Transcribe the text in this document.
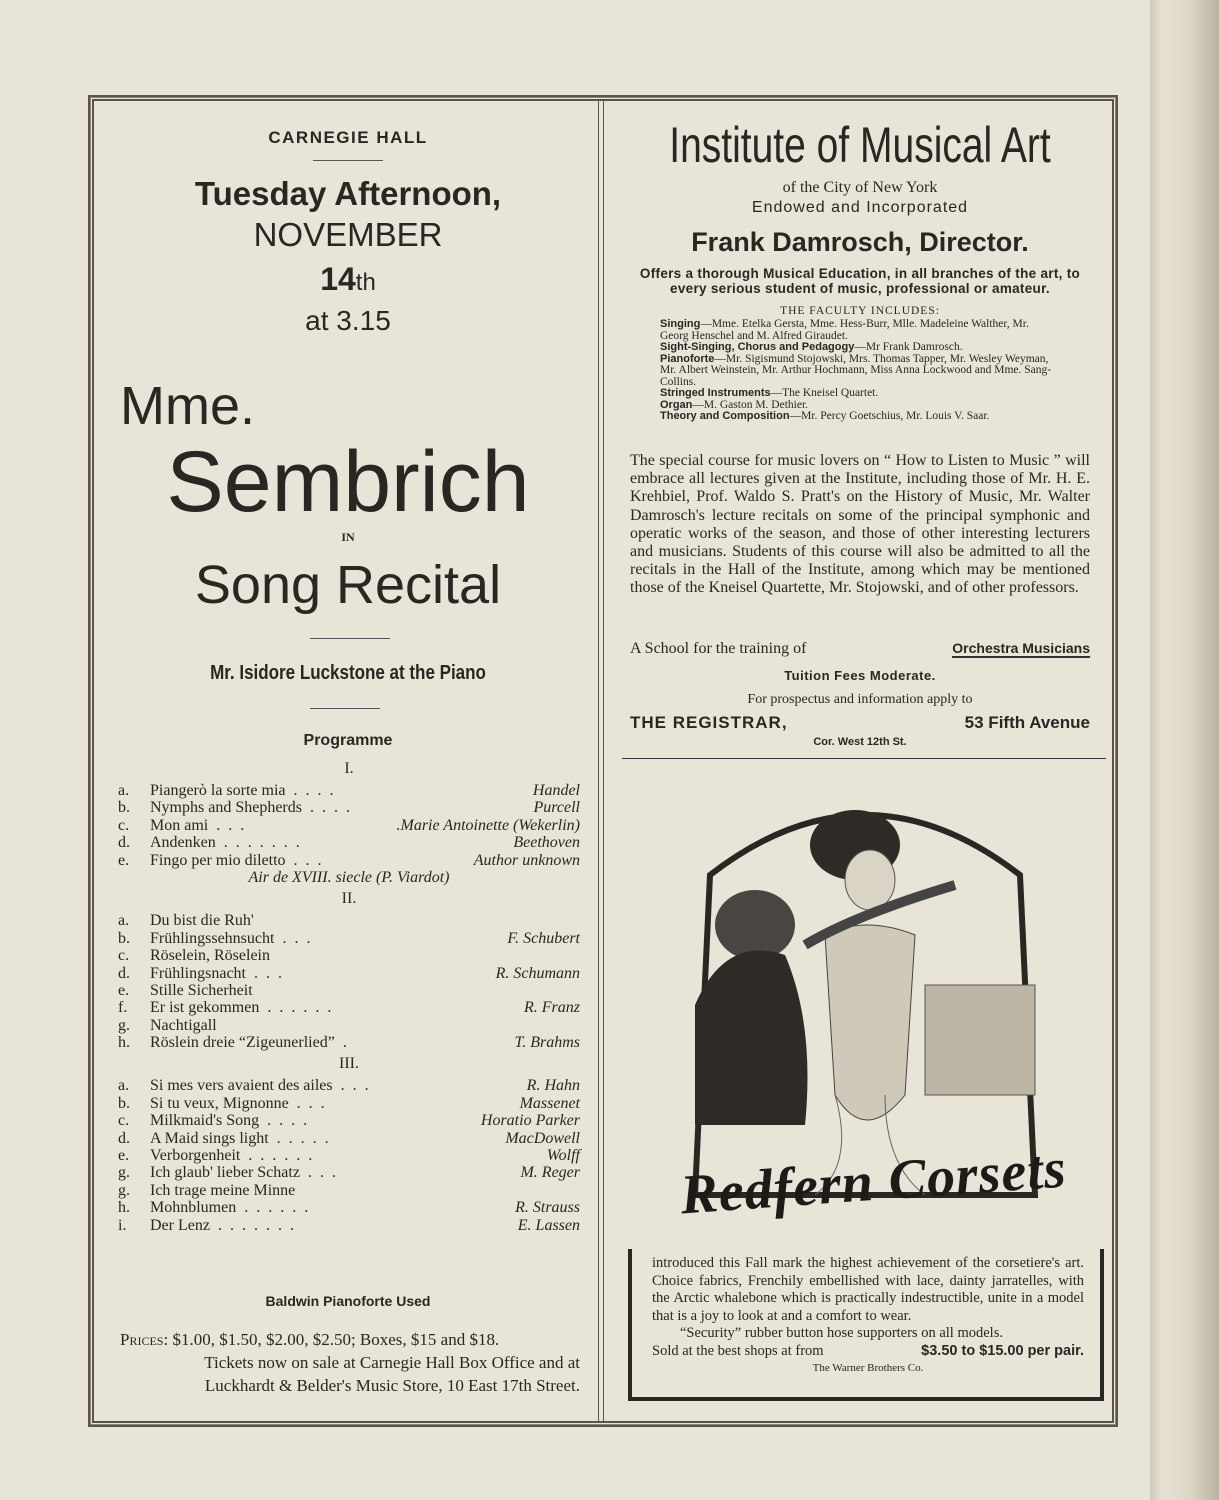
CARNEGIE HALL
Tuesday Afternoon,
NOVEMBER
14th
at 3.15
Mme.
Sembrich
IN
Song Recital
Mr. Isidore Luckstone at the Piano
Programme
I.
a.	Piangerò la sorte mia  .  .  .  .	Handel
b.	Nymphs and Shepherds  .  .  .  .	Purcell
c.	Mon ami  .  .  .	.Marie Antoinette (Wekerlin)
d.	Andenken  .  .  .  .  .  .  .	Beethoven
e.	Fingo per mio diletto  .  .  .	Author unknown
Air de XVIII. siecle (P. Viardot)
II.
a.	Du bist die Ruh'
b.	Frühlingssehnsucht  .  .  .	F. Schubert
c.	Röselein, Röselein
d.	Frühlingsnacht  .  .  .	R. Schumann
e.	Stille Sicherheit
f.	Er ist gekommen  .  .  .  .  .  .	R. Franz
g.	Nachtigall
h.	Röslein dreie “Zigeunerlied”  .	T. Brahms
III.
a.	Si mes vers avaient des ailes  .  .  .	R. Hahn
b.	Si tu veux, Mignonne  .  .  .	Massenet
c.	Milkmaid's Song  .  .  .  .	Horatio Parker
d.	A Maid sings light  .  .  .  .  .	MacDowell
e.	Verborgenheit  .  .  .  .  .  .	Wolff
g.	Ich glaub' lieber Schatz  .  .  .	M. Reger
g.	Ich trage meine Minne
h.	Mohnblumen  .  .  .  .  .  .	R. Strauss
i.	Der Lenz  .  .  .  .  .  .  .	E. Lassen
Baldwin Pianoforte Used
Prices: $1.00, $1.50, $2.00, $2.50; Boxes, $15 and $18.
Tickets now on sale at Carnegie Hall Box Office and at
Luckhardt & Belder's Music Store, 10 East 17th Street.
Institute of Musical Art
of the City of New York
Endowed and Incorporated
Frank Damrosch, Director.
Offers a thorough Musical Education, in all branches of the art, to every serious student of music, professional or amateur.
THE FACULTY INCLUDES:
Singing—Mme. Etelka Gersta, Mme. Hess-Burr, Mlle. Madeleine Walther, Mr. Georg Henschel and M. Alfred Giraudet.
Sight-Singing, Chorus and Pedagogy—Mr Frank Damrosch.
Pianoforte—Mr. Sigismund Stojowski, Mrs. Thomas Tapper, Mr. Wesley Weyman, Mr. Albert Weinstein, Mr. Arthur Hochmann, Miss Anna Lockwood and Mme. Sang-Collins.
Stringed Instruments—The Kneisel Quartet.
Organ—M. Gaston M. Dethier.
Theory and Composition—Mr. Percy Goetschius, Mr. Louis V. Saar.
The special course for music lovers on “ How to Listen to Music ” will embrace all lectures given at the Institute, including those of Mr. H. E. Krehbiel, Prof. Waldo S. Pratt's on the History of Music, Mr. Walter Damrosch's lecture recitals on some of the principal symphonic and operatic works of the season, and those of other interesting lecturers and musicians. Students of this course will also be admitted to all the recitals in the Hall of the Institute, among which may be mentioned those of the Kneisel Quartette, Mr. Stojowski, and of other professors.
A School for the training of	Orchestra Musicians
Tuition Fees Moderate.
For prospectus and information apply to
THE REGISTRAR,	53 Fifth Avenue
Cor. West 12th St.
Redfern Corsets
introduced this Fall mark the highest achievement of the corsetiere's art. Choice fabrics, Frenchily embellished with lace, dainty jarratelles, with the Arctic whalebone which is practically indestructible, unite in a model that is a joy to look at and a comfort to wear.
“Security” rubber button hose supporters on all models.
Sold at the best shops at from	$3.50 to $15.00 per pair.
The Warner Brothers Co.
